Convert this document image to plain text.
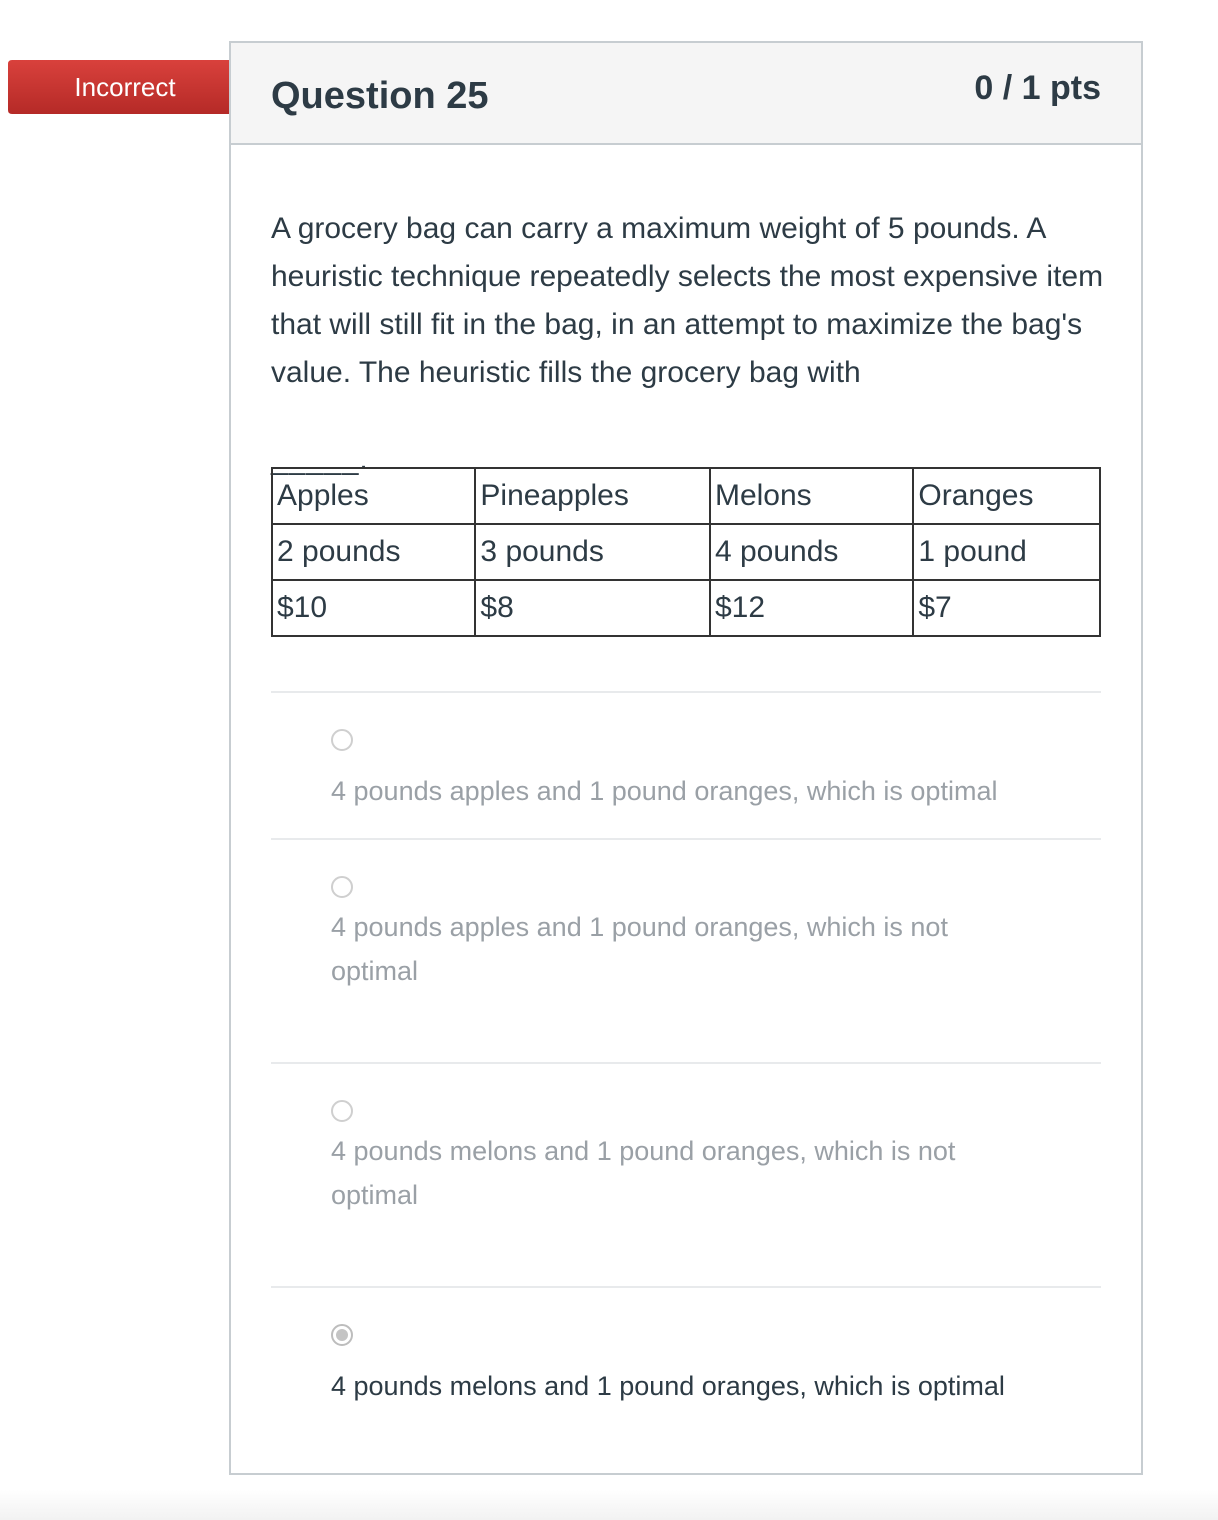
Incorrect	Question 25	0 / 1 pts
A grocery bag can carry a maximum weight of 5 pounds. A heuristic technique repeatedly selects the most expensive item that will still fit in the bag, in an attempt to maximize the bag's value. The heuristic fills the grocery bag with
_____.
Apples	Pineapples	Melons	Oranges
2 pounds	3 pounds	4 pounds	1 pound
$10	$8	$12	$7
4 pounds apples and 1 pound oranges, which is optimal
4 pounds apples and 1 pound oranges, which is not optimal
4 pounds melons and 1 pound oranges, which is not optimal
4 pounds melons and 1 pound oranges, which is optimal
